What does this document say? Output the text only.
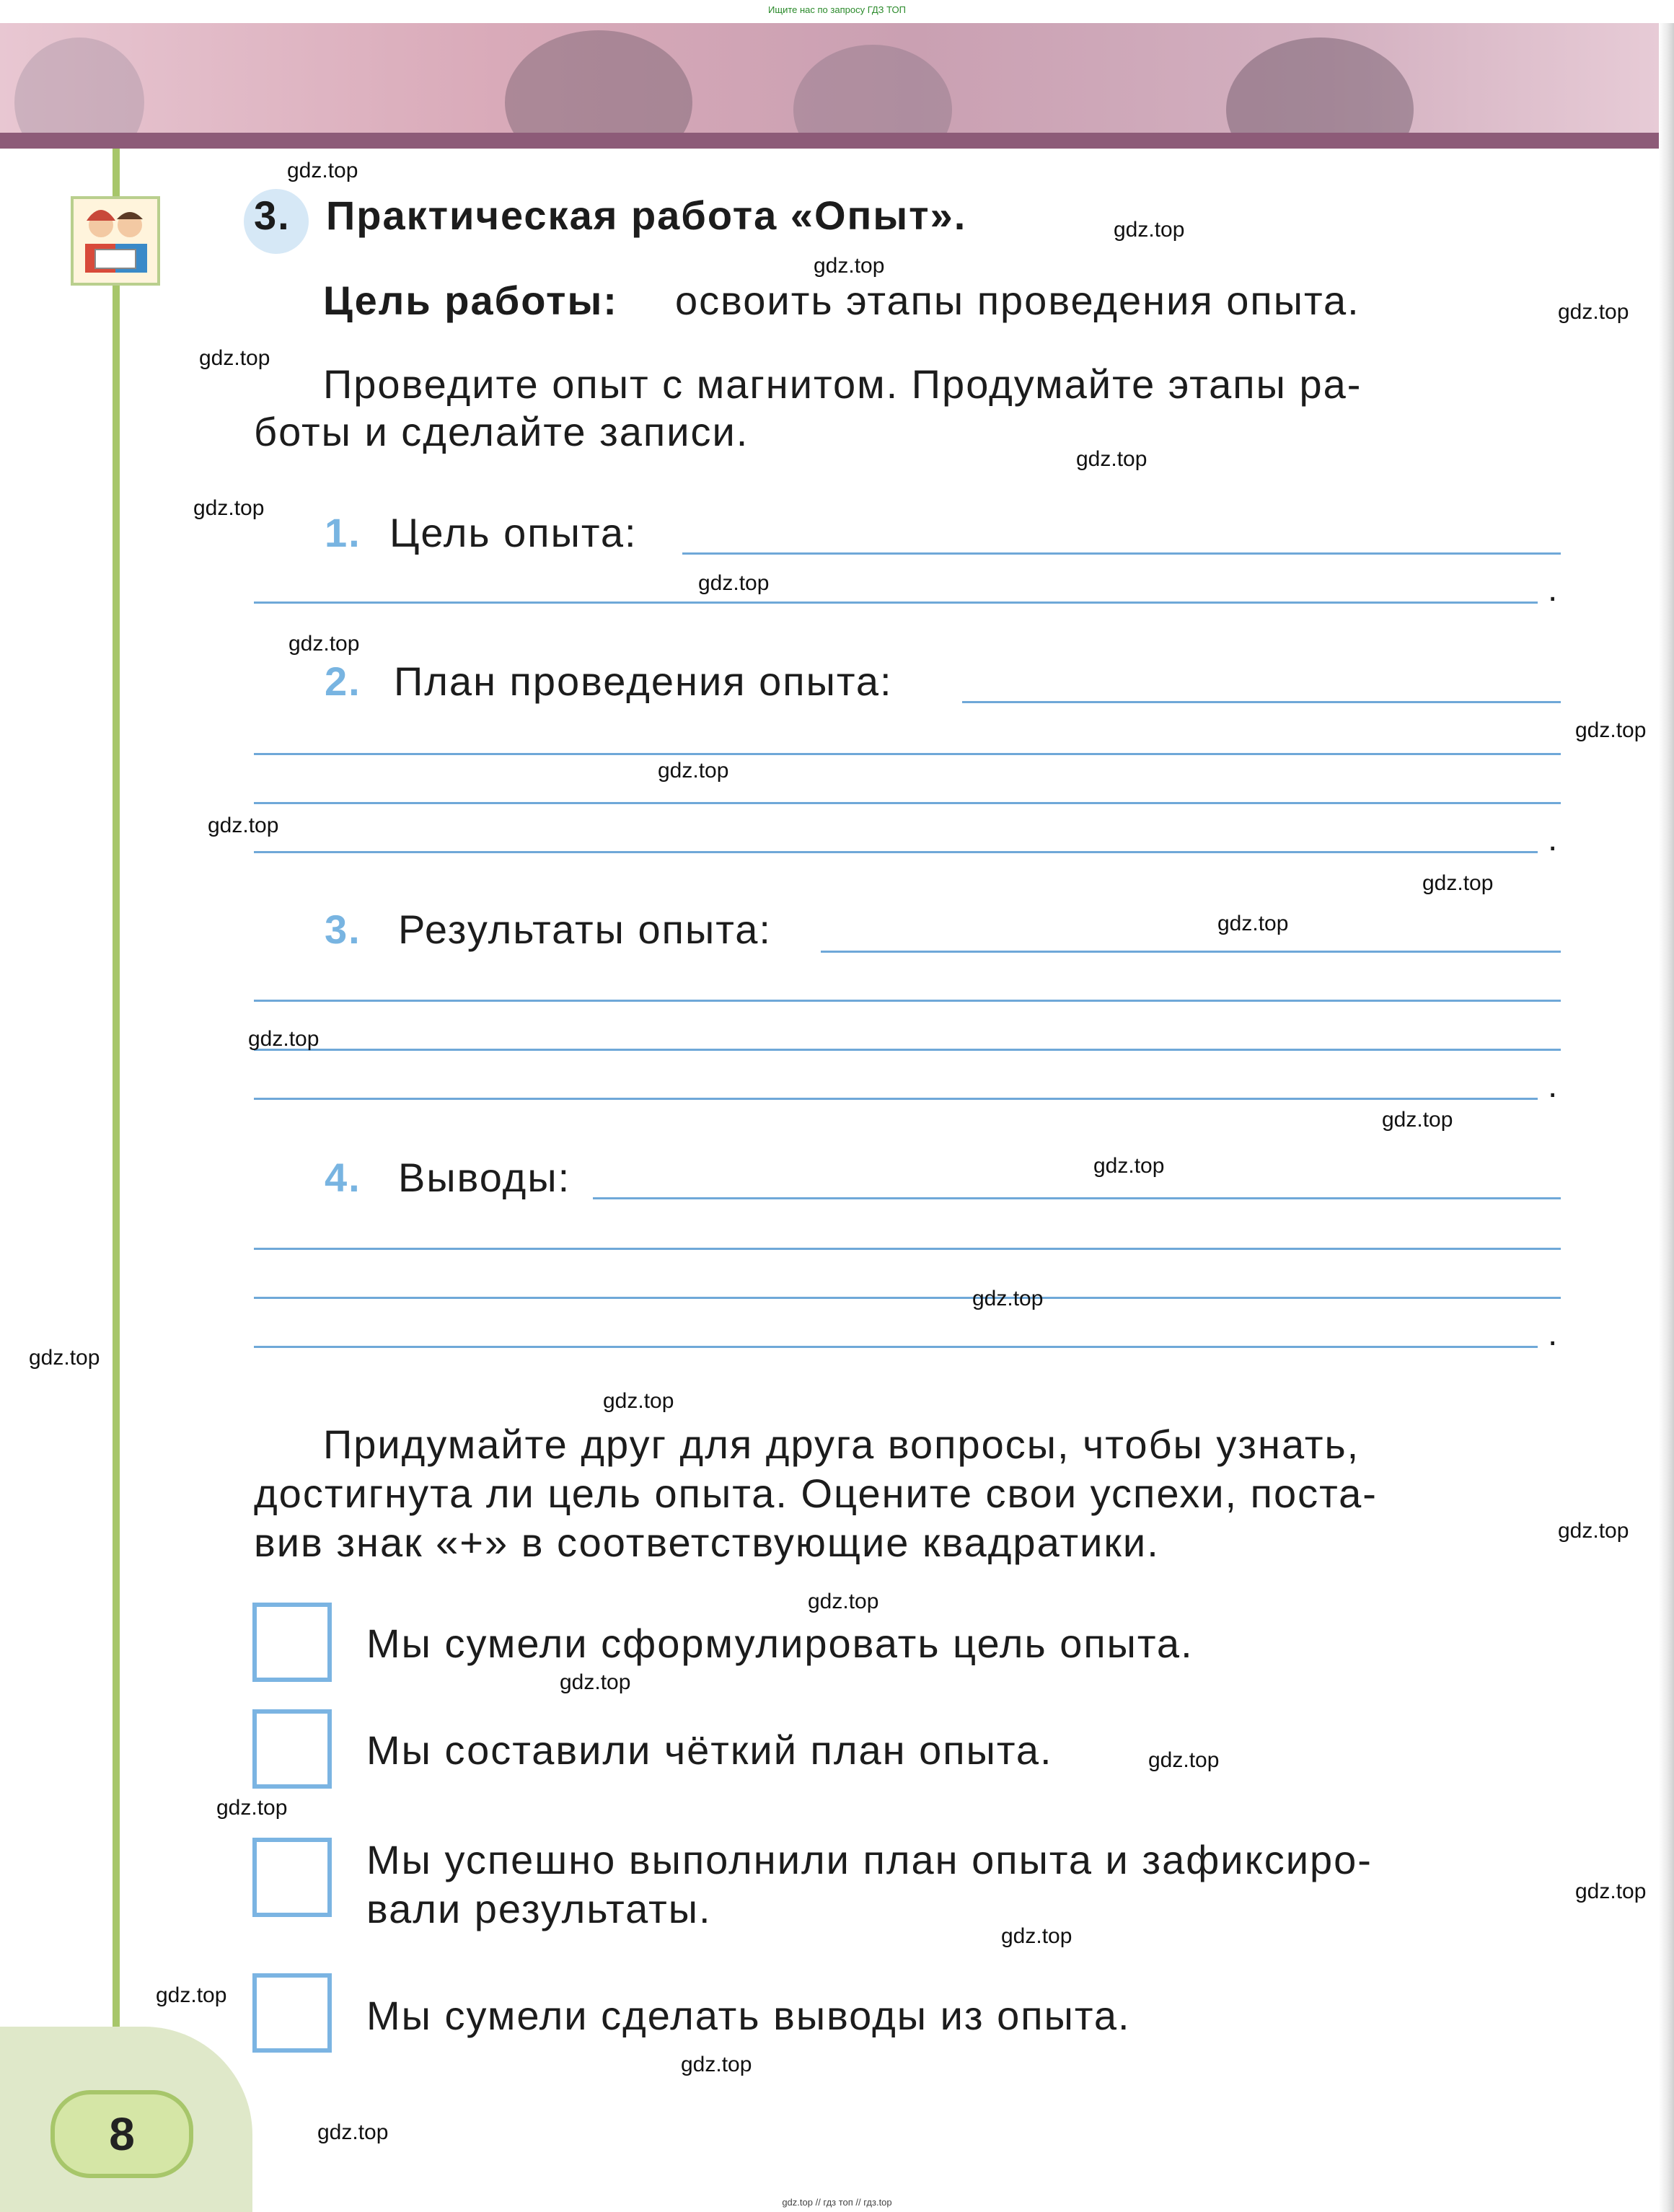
Ищите нас по запросу ГДЗ ТОП
3. Практическая работа «Опыт».
Цель работы: освоить этапы проведения опыта.
Проведите опыт с магнитом. Продумайте этапы ра-
боты и сделайте записи.
1. Цель опыта:
.
2. План проведения опыта:
.
3. Результаты опыта:
.
4. Выводы:
.
Придумайте друг для друга вопросы, чтобы узнать,
достигнута ли цель опыта. Оцените свои успехи, поста-
вив знак «+» в соответствующие квадратики.
Мы сумели сформулировать цель опыта.
Мы составили чёткий план опыта.
Мы успешно выполнили план опыта и зафиксиро-
вали результаты.
Мы сумели сделать выводы из опыта.
8
gdz.top
gdz.top
gdz.top
gdz.top
gdz.top
gdz.top
gdz.top
gdz.top
gdz.top
gdz.top
gdz.top
gdz.top
gdz.top
gdz.top
gdz.top
gdz.top
gdz.top
gdz.top
gdz.top
gdz.top
gdz.top
gdz.top
gdz.top
gdz.top
gdz.top
gdz.top
gdz.top
gdz.top
gdz.top
gdz.top
gdz.top // гдз топ // гдз.top
